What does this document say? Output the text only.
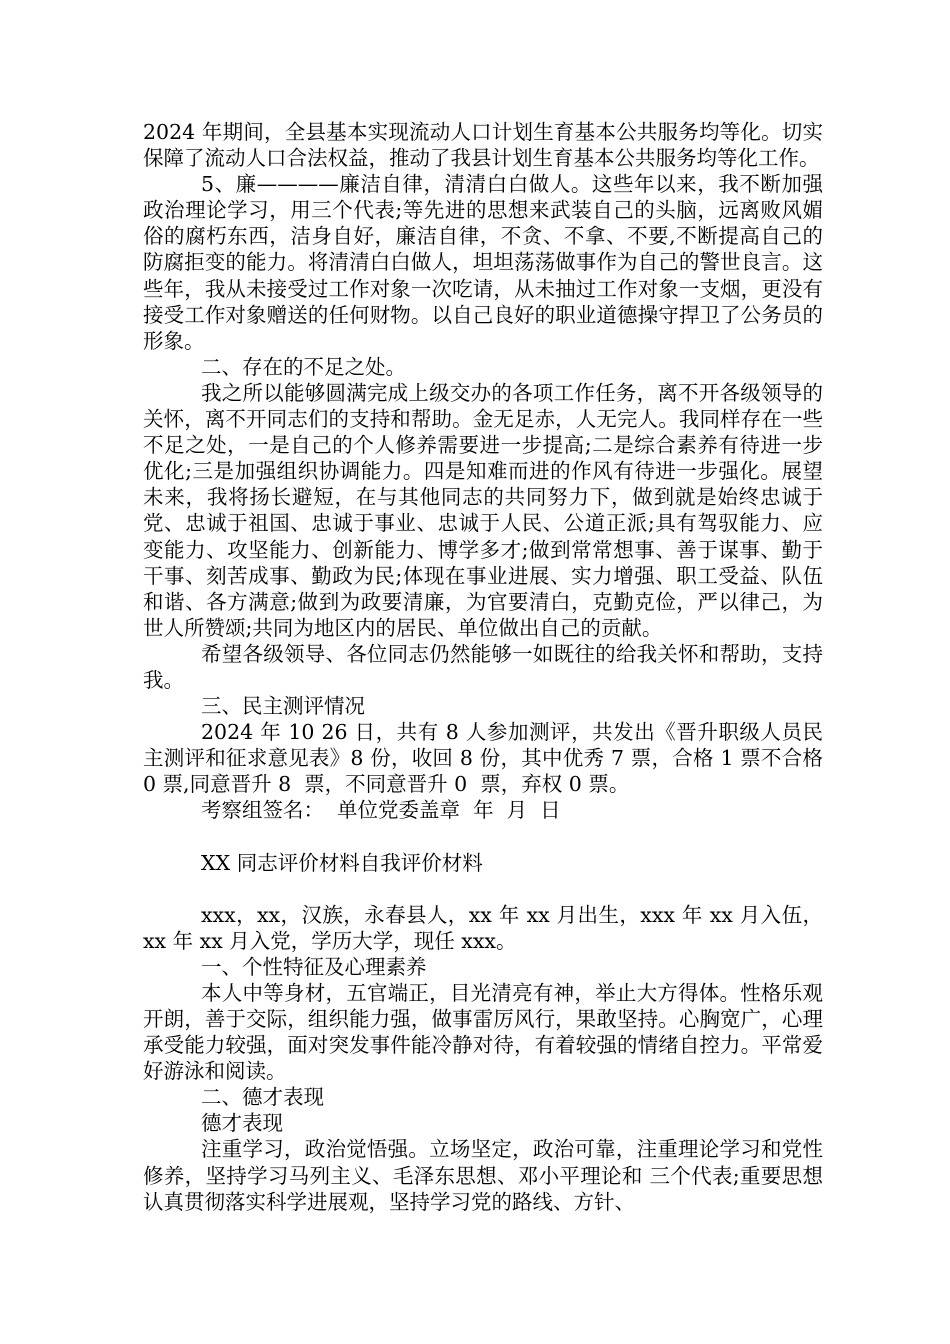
2024 年期间，全县基本实现流动人口计划生育基本公共服务均等化。切实保障了流动人口合法权益，推动了我县计划生育基本公共服务均等化工作。

5、廉————廉洁自律，清清白白做人。这些年以来，我不断加强政治理论学习，用三个代表;等先进的思想来武装自己的头脑，远离败风媚俗的腐朽东西，洁身自好，廉洁自律，不贪、不拿、不要,不断提高自己的防腐拒变的能力。将清清白白做人，坦坦荡荡做事作为自己的警世良言。这些年，我从未接受过工作对象一次吃请，从未抽过工作对象一支烟，更没有接受工作对象赠送的任何财物。以自己良好的职业道德操守捍卫了公务员的形象。

二、存在的不足之处。

我之所以能够圆满完成上级交办的各项工作任务，离不开各级领导的关怀，离不开同志们的支持和帮助。金无足赤，人无完人。我同样存在一些不足之处，一是自己的个人修养需要进一步提高;二是综合素养有待进一步优化;三是加强组织协调能力。四是知难而进的作风有待进一步强化。展望未来，我将扬长避短，在与其他同志的共同努力下，做到就是始终忠诚于党、忠诚于祖国、忠诚于事业、忠诚于人民、公道正派;具有驾驭能力、应变能力、攻坚能力、创新能力、博学多才;做到常常想事、善于谋事、勤于干事、刻苦成事、勤政为民;体现在事业进展、实力增强、职工受益、队伍和谐、各方满意;做到为政要清廉，为官要清白，克勤克俭，严以律己，为世人所赞颂;共同为地区内的居民、单位做出自己的贡献。

希望各级领导、各位同志仍然能够一如既往的给我关怀和帮助，支持我。

三、民主测评情况

2024 年 10 26 日，共有 8 人参加测评，共发出《晋升职级人员民主测评和征求意见表》8 份，收回 8 份，其中优秀 7 票，合格 1 票不合格 0 票,同意晋升 8  票，不同意晋升 0  票，弃权 0 票。

考察组签名：  单位党委盖章  年  月  日

XX 同志评价材料自我评价材料

xxx，xx，汉族，永春县人，xx 年 xx 月出生，xxx 年 xx 月入伍，xx 年 xx 月入党，学历大学，现任 xxx。

一、个性特征及心理素养

本人中等身材，五官端正，目光清亮有神，举止大方得体。性格乐观开朗，善于交际，组织能力强，做事雷厉风行，果敢坚持。心胸宽广，心理承受能力较强，面对突发事件能冷静对待，有着较强的情绪自控力。平常爱好游泳和阅读。

二、德才表现

德才表现

注重学习，政治觉悟强。立场坚定，政治可靠，注重理论学习和党性修养，坚持学习马列主义、毛泽东思想、邓小平理论和 三个代表;重要思想认真贯彻落实科学进展观，坚持学习党的路线、方针、
